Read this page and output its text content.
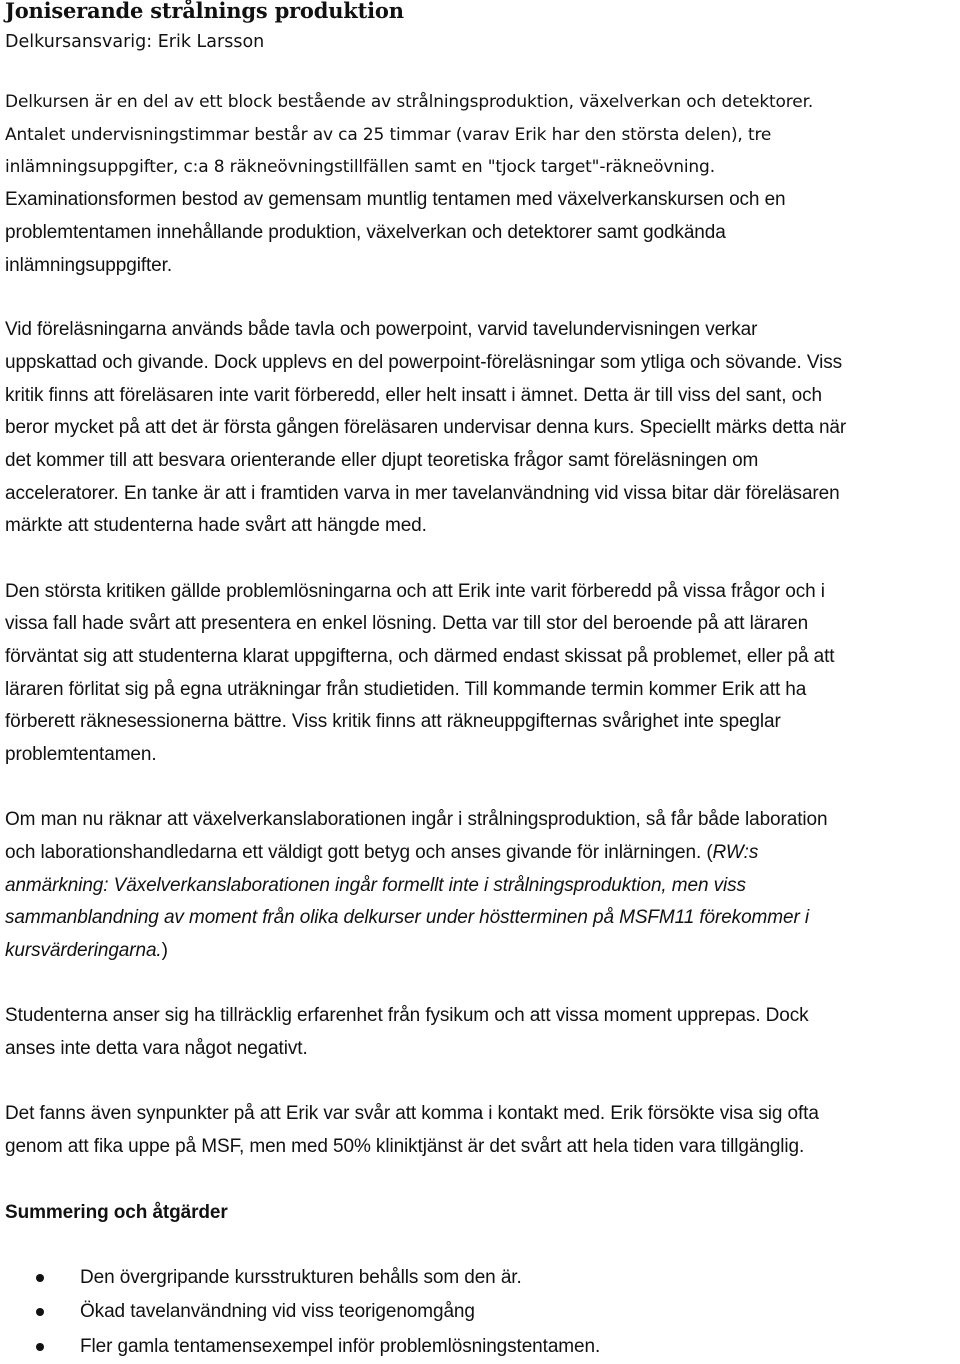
Joniserande strålnings produktion
Delkursansvarig: Erik Larsson

Delkursen är en del av ett block bestående av strålningsproduktion, växelverkan och detektorer.
Antalet undervisningstimmar består av ca 25 timmar (varav Erik har den största delen), tre
inlämningsuppgifter, c:a 8 räkneövningstillfällen samt en "tjock target"-räkneövning.

Examinationsformen bestod av gemensam muntlig tentamen med växelverkanskursen och en
problemtentamen innehållande produktion, växelverkan och detektorer samt godkända
inlämningsuppgifter.

Vid föreläsningarna används både tavla och powerpoint, varvid tavelundervisningen verkar
uppskattad och givande. Dock upplevs en del powerpoint-föreläsningar som ytliga och sövande. Viss
kritik finns att föreläsaren inte varit förberedd, eller helt insatt i ämnet. Detta är till viss del sant, och
beror mycket på att det är första gången föreläsaren undervisar denna kurs. Speciellt märks detta när
det kommer till att besvara orienterande eller djupt teoretiska frågor samt föreläsningen om
acceleratorer. En tanke är att i framtiden varva in mer tavelanvändning vid vissa bitar där föreläsaren
märkte att studenterna hade svårt att hängde med.

Den största kritiken gällde problemlösningarna och att Erik inte varit förberedd på vissa frågor och i
vissa fall hade svårt att presentera en enkel lösning. Detta var till stor del beroende på att läraren
förväntat sig att studenterna klarat uppgifterna, och därmed endast skissat på problemet, eller på att
läraren förlitat sig på egna uträkningar från studietiden. Till kommande termin kommer Erik att ha
förberett räknesessionerna bättre. Viss kritik finns att räkneuppgifternas svårighet inte speglar
problemtentamen.

Om man nu räknar att växelverkanslaborationen ingår i strålningsproduktion, så får både laboration
och laborationshandledarna ett väldigt gott betyg och anses givande för inlärningen. (RW:s
anmärkning: Växelverkanslaborationen ingår formellt inte i strålningsproduktion, men viss
sammanblandning av moment från olika delkurser under höstterminen på MSFM11 förekommer i
kursvärderingarna.)

Studenterna anser sig ha tillräcklig erfarenhet från fysikum och att vissa moment upprepas. Dock
anses inte detta vara något negativt.

Det fanns även synpunkter på att Erik var svår att komma i kontakt med. Erik försökte visa sig ofta
genom att fika uppe på MSF, men med 50% kliniktjänst är det svårt att hela tiden vara tillgänglig.

Summering och åtgärder
Den övergripande kursstrukturen behålls som den är.
Ökad tavelanvändning vid viss teorigenomgång
Fler gamla tentamensexempel inför problemlösningstentamen.
